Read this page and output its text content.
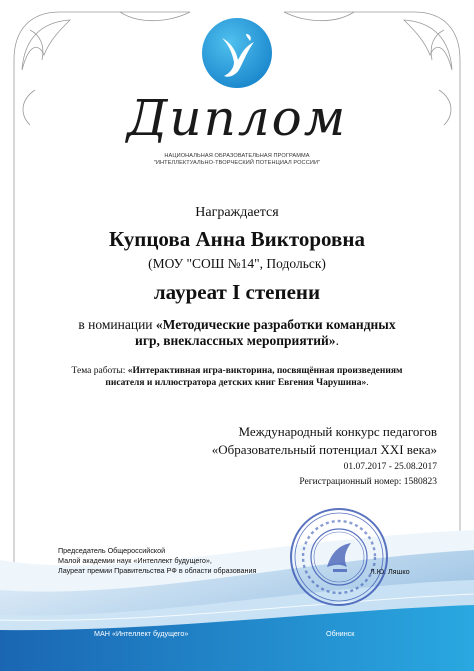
Диплом
НАЦИОНАЛЬНАЯ ОБРАЗОВАТЕЛЬНАЯ ПРОГРАММА
"ИНТЕЛЛЕКТУАЛЬНО-ТВОРЧЕСКИЙ ПОТЕНЦИАЛ РОССИИ"
Награждается
Купцова Анна Викторовна
(МОУ "СОШ №14", Подольск)
лауреат I степени
в номинации «Методические разработки командных
игр, внеклассных мероприятий».
Тема работы: «Интерактивная игра-викторина, посвящённая произведениям
писателя и иллюстратора детских книг Евгения Чарушина».
Международный конкурс педагогов
«Образовательный потенциал XXI века»
01.07.2017 - 25.08.2017
Регистрационный номер: 1580823
Председатель Общероссийской
Малой академии наук «Интеллект будущего»,
Лауреат премии Правительства РФ в области образования	Л.Ю. Ляшко
МАН «Интеллект будущего»	Обнинск
